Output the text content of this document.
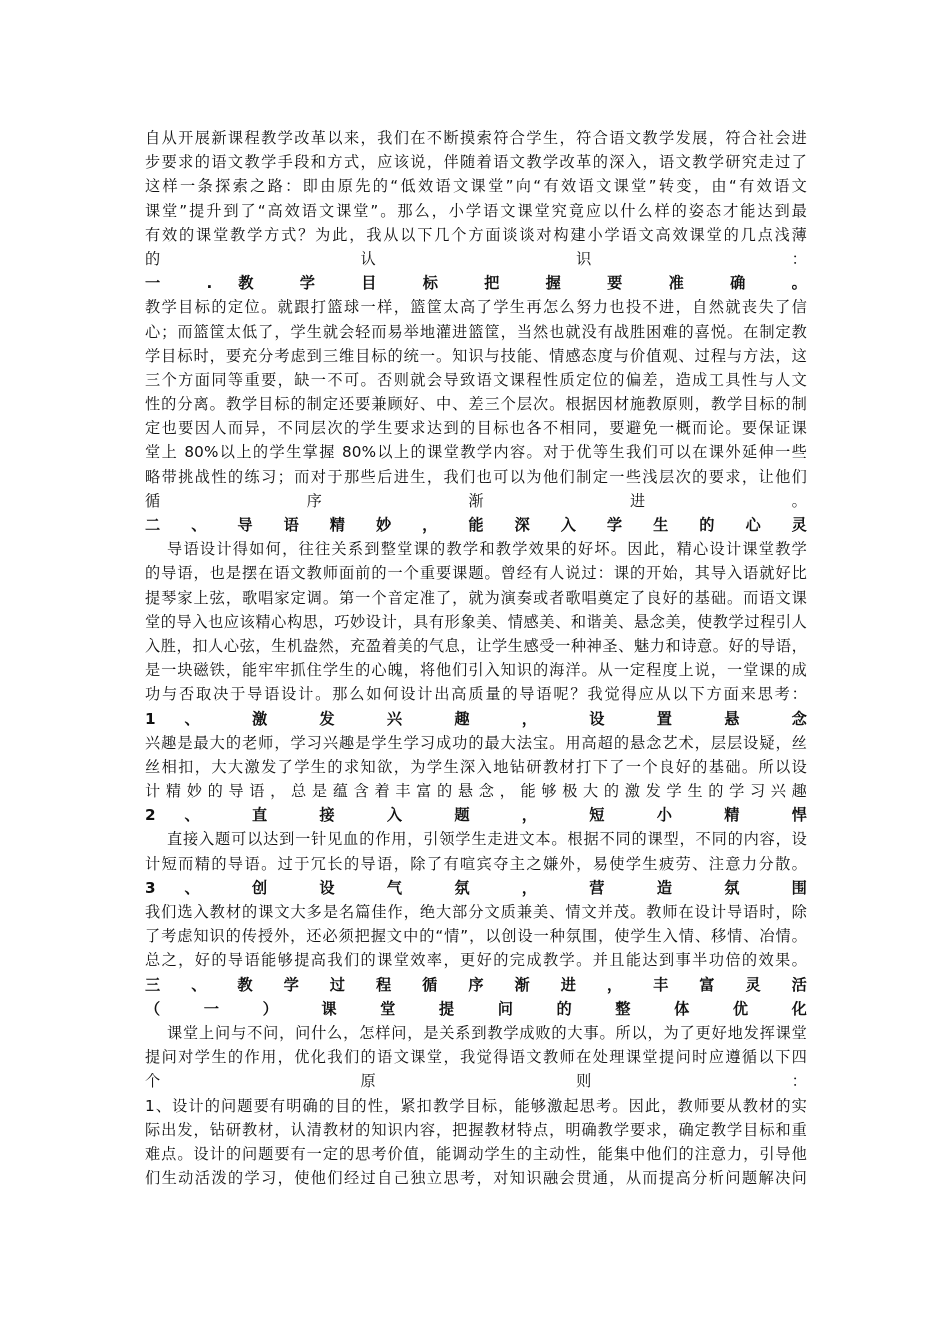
自从开展新课程教学改革以来，我们在不断摸索符合学生，符合语文教学发展，符合社会进
步要求的语文教学手段和方式，应该说，伴随着语文教学改革的深入，语文教学研究走过了
这样一条探索之路：即由原先的“低效语文课堂”向“有效语文课堂”转变，由“有效语文
课堂”提升到了“高效语文课堂”。那么，小学语文课堂究竟应以什么样的姿态才能达到最
有效的课堂教学方式？为此，我从以下几个方面谈谈对构建小学语文高效课堂的几点浅薄
的 认 识 ：
一 . 教 学 目 标 把 握 要 准 确 。
教学目标的定位。就跟打篮球一样，篮筐太高了学生再怎么努力也投不进，自然就丧失了信
心；而篮筐太低了，学生就会轻而易举地灌进篮筐，当然也就没有战胜困难的喜悦。在制定教
学目标时，要充分考虑到三维目标的统一。知识与技能、情感态度与价值观、过程与方法，这
三个方面同等重要，缺一不可。否则就会导致语文课程性质定位的偏差，造成工具性与人文
性的分离。教学目标的制定还要兼顾好、中、差三个层次。根据因材施教原则，教学目标的制
定也要因人而异，不同层次的学生要求达到的目标也各不相同，要避免一概而论。要保证课
堂上 80%以上的学生掌握 80%以上的课堂教学内容。对于优等生我们可以在课外延伸一些
略带挑战性的练习；而对于那些后进生，我们也可以为他们制定一些浅层次的要求，让他们
循 序 渐 进 。
二 、 导 语 精 妙 ， 能 深 入 学 生 的 心 灵
导语设计得如何，往往关系到整堂课的教学和教学效果的好坏。因此，精心设计课堂教学
的导语，也是摆在语文教师面前的一个重要课题。曾经有人说过：课的开始，其导入语就好比
提琴家上弦，歌唱家定调。第一个音定准了，就为演奏或者歌唱奠定了良好的基础。而语文课
堂的导入也应该精心构思，巧妙设计，具有形象美、情感美、和谐美、悬念美，使教学过程引人
入胜，扣人心弦，生机盎然，充盈着美的气息，让学生感受一种神圣、魅力和诗意。好的导语，
是一块磁铁，能牢牢抓住学生的心魄，将他们引入知识的海洋。从一定程度上说，一堂课的成
功与否取决于导语设计。那么如何设计出高质量的导语呢？我觉得应从以下方面来思考：
1 、 激 发 兴 趣 ， 设 置 悬 念
兴趣是最大的老师，学习兴趣是学生学习成功的最大法宝。用高超的悬念艺术，层层设疑，丝
丝相扣，大大激发了学生的求知欲，为学生深入地钻研教材打下了一个良好的基础。所以设
计 精 妙 的 导 语 ， 总 是 蕴 含 着 丰 富 的 悬 念 ， 能 够 极 大 的 激 发 学 生 的 学 习 兴 趣
2 、 直 接 入 题 ， 短 小 精 悍
直接入题可以达到一针见血的作用，引领学生走进文本。根据不同的课型，不同的内容，设
计短而精的导语。过于冗长的导语，除了有喧宾夺主之嫌外，易使学生疲劳、注意力分散。
3 、 创 设 气 氛 ， 营 造 氛 围
我们选入教材的课文大多是名篇佳作，绝大部分文质兼美、情文并茂。教师在设计导语时，除
了考虑知识的传授外，还必须把握文中的“情”，以创设一种氛围，使学生入情、移情、冶情。
总之，好的导语能够提高我们的课堂效率，更好的完成教学。并且能达到事半功倍的效果。
三 、 教 学 过 程 循 序 渐 进 ， 丰 富 灵 活
（ 一 ） 课 堂 提 问 的 整 体 优 化
课堂上问与不问，问什么，怎样问，是关系到教学成败的大事。所以，为了更好地发挥课堂
提问对学生的作用，优化我们的语文课堂，我觉得语文教师在处理课堂提问时应遵循以下四
个 原 则 ：
1、设计的问题要有明确的目的性，紧扣教学目标，能够激起思考。因此，教师要从教材的实
际出发，钻研教材，认清教材的知识内容，把握教材特点，明确教学要求，确定教学目标和重
难点。设计的问题要有一定的思考价值，能调动学生的主动性，能集中他们的注意力，引导他
们生动活泼的学习，使他们经过自己独立思考，对知识融会贯通，从而提高分析问题解决问
